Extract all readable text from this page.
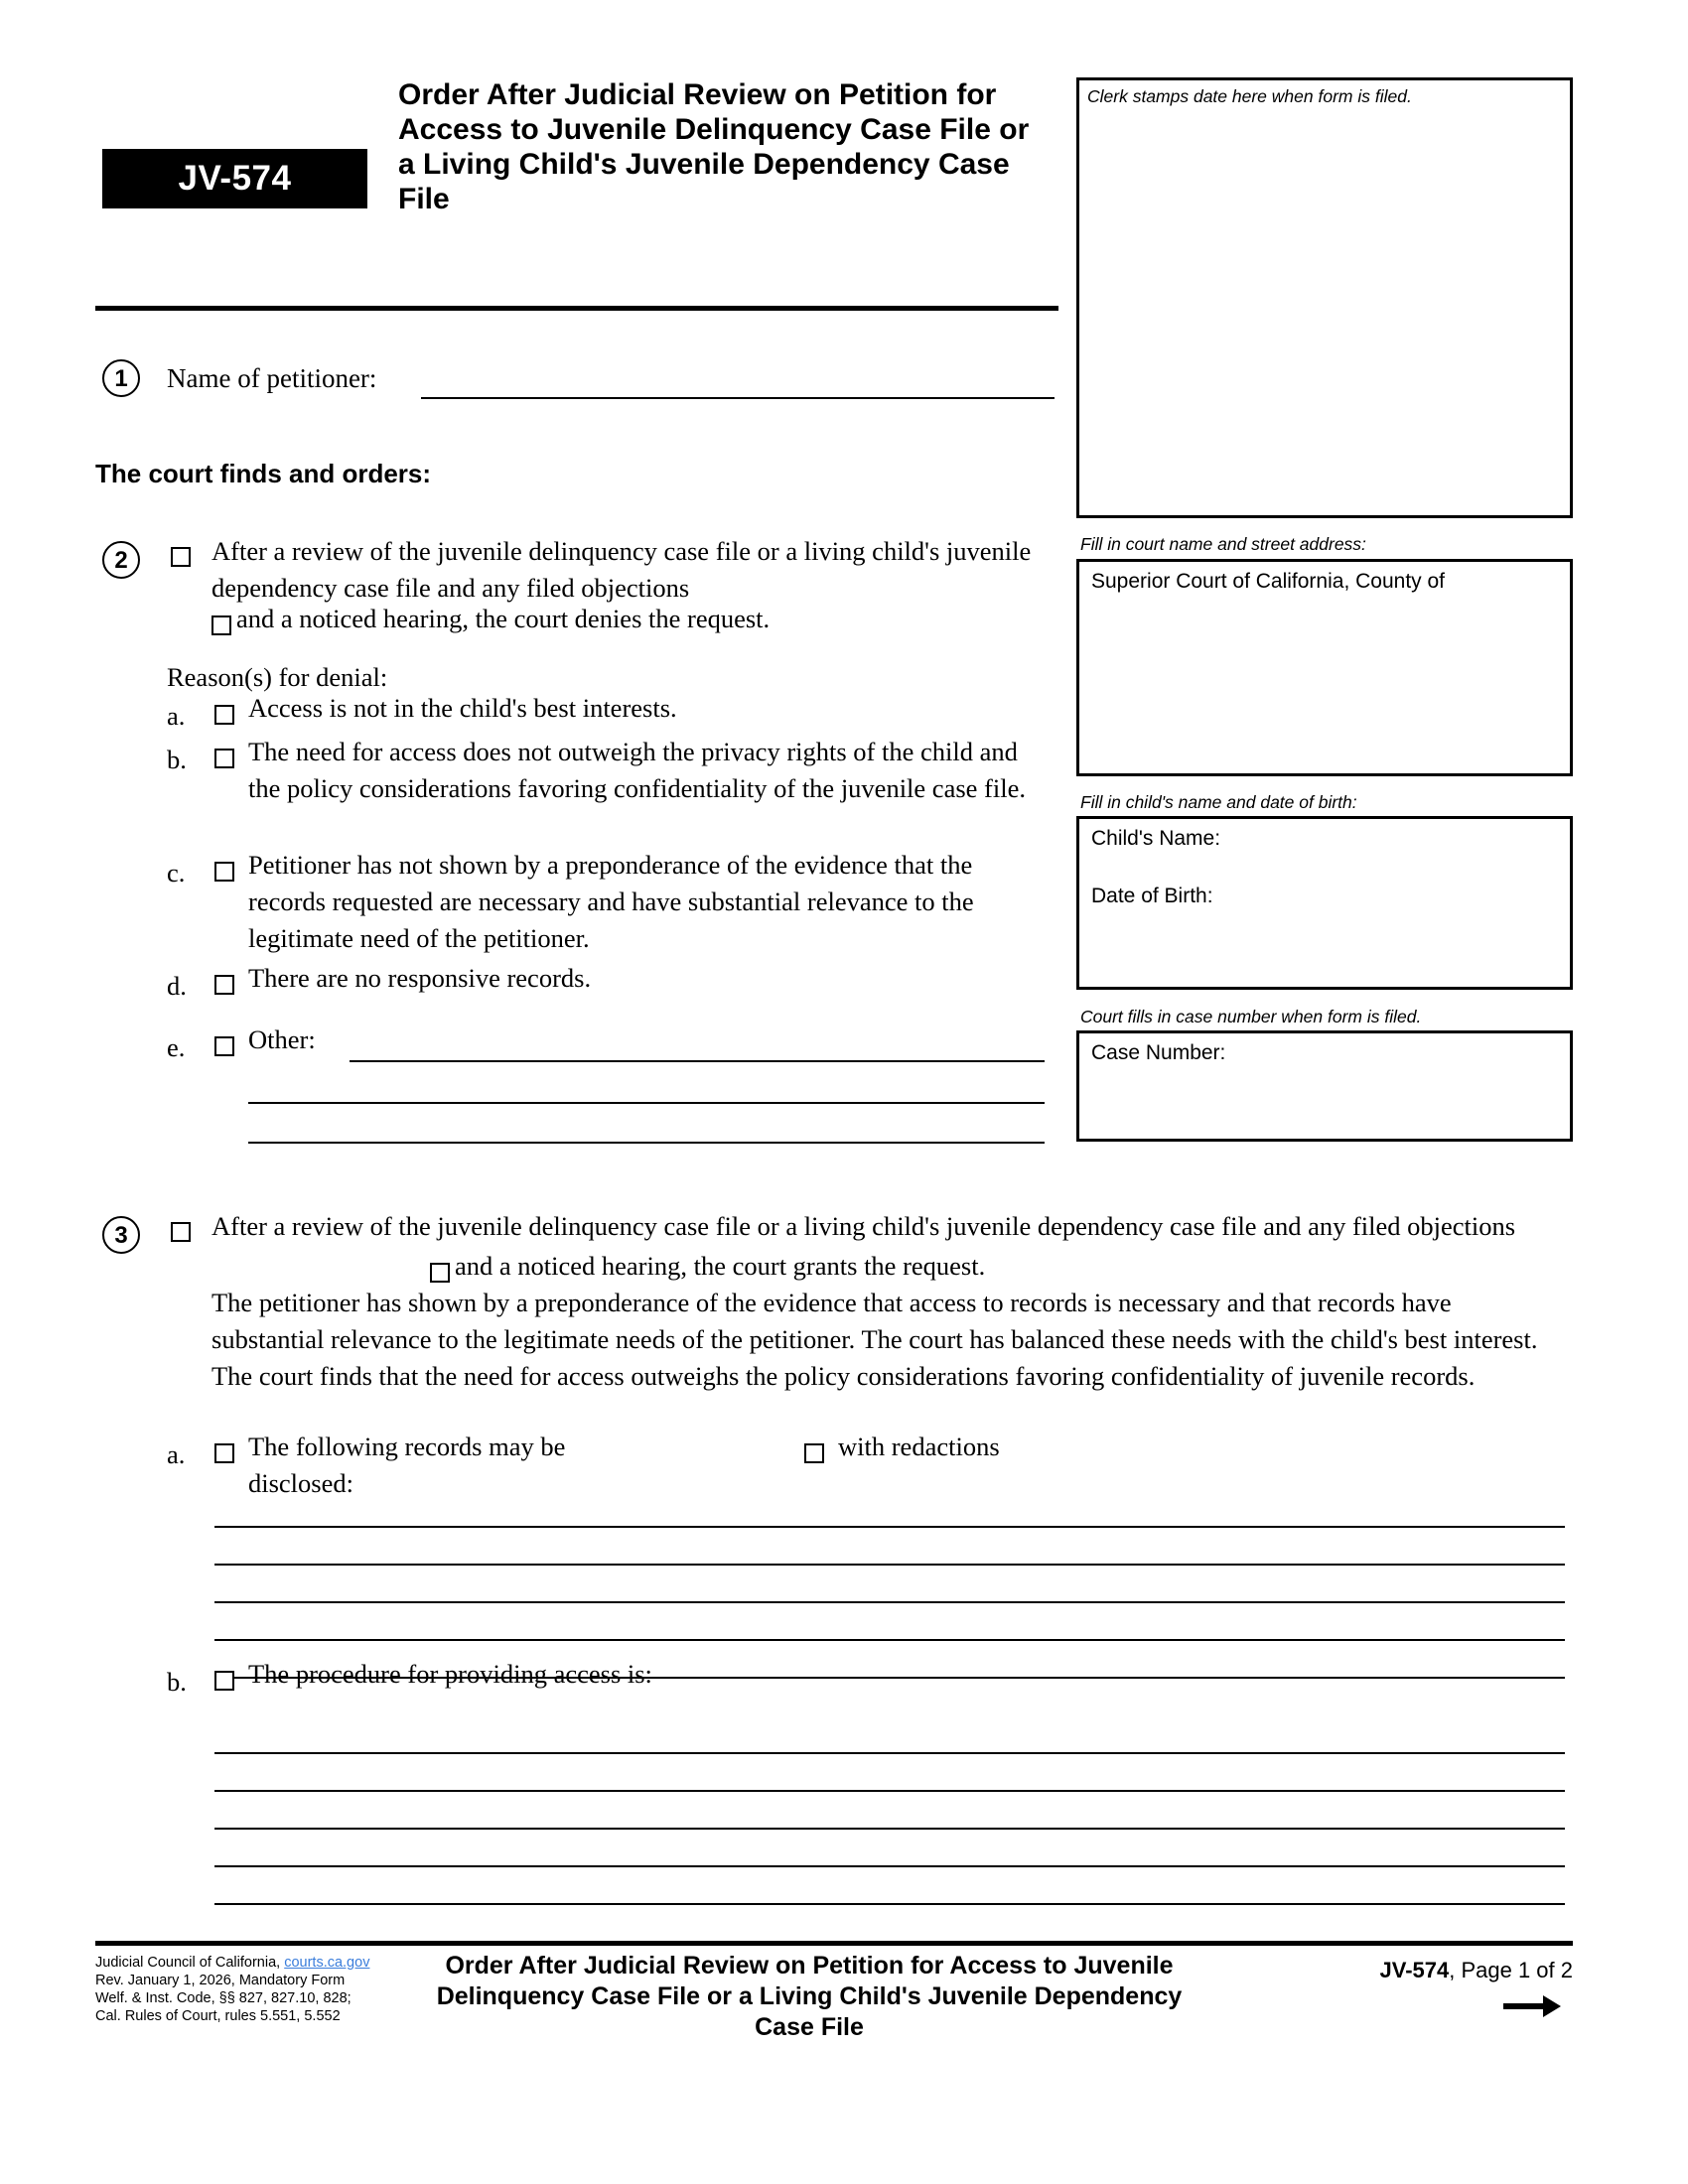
JV-574
Order After Judicial Review on Petition for Access to Juvenile Delinquency Case File or a Living Child's Juvenile Dependency Case File
Clerk stamps date here when form is filed.
Fill in court name and street address:
Superior Court of California, County of
Fill in child's name and date of birth:
Child's Name:
Date of Birth:
Court fills in case number when form is filed.
Case Number:
1	Name of petitioner:
The court finds and orders:
2	After a review of the juvenile delinquency case file or a living child's juvenile dependency case file and any filed objections
and a noticed hearing, the court denies the request.
Reason(s) for denial:
a. Access is not in the child's best interests.
b. The need for access does not outweigh the privacy rights of the child and the policy considerations favoring confidentiality of the juvenile case file.
c. Petitioner has not shown by a preponderance of the evidence that the records requested are necessary and have substantial relevance to the legitimate need of the petitioner.
d. There are no responsive records.
e. Other:
3	After a review of the juvenile delinquency case file or a living child's juvenile dependency case file and any filed objections
and a noticed hearing, the court grants the request.
The petitioner has shown by a preponderance of the evidence that access to records is necessary and that records have substantial relevance to the legitimate needs of the petitioner. The court has balanced these needs with the child's best interest. The court finds that the need for access outweighs the policy considerations favoring confidentiality of juvenile records.
a. The following records may be disclosed:
with redactions
b. The procedure for providing access is:
Judicial Council of California, courts.ca.gov
Rev. January 1, 2026, Mandatory Form
Welf. & Inst. Code, §§ 827, 827.10, 828;
Cal. Rules of Court, rules 5.551, 5.552
Order After Judicial Review on Petition for Access to Juvenile Delinquency Case File or a Living Child's Juvenile Dependency Case File
JV-574, Page 1 of 2
